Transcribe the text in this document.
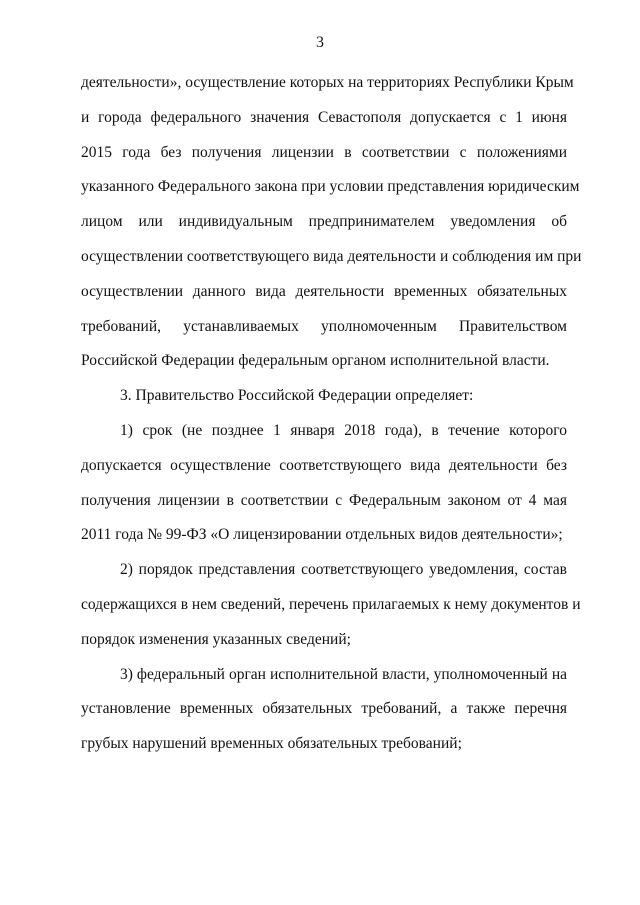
3
деятельности», осуществление которых на территориях Республики Крым
и города федерального значения Севастополя допускается с 1 июня
2015 года без получения лицензии в соответствии с положениями
указанного Федерального закона при условии представления юридическим
лицом или индивидуальным предпринимателем уведомления об
осуществлении соответствующего вида деятельности и соблюдения им при
осуществлении данного вида деятельности временных обязательных
требований, устанавливаемых уполномоченным Правительством
Российской Федерации федеральным органом исполнительной власти.
3. Правительство Российской Федерации определяет:
1) срок (не позднее 1 января 2018 года), в течение которого
допускается осуществление соответствующего вида деятельности без
получения лицензии в соответствии с Федеральным законом от 4 мая
2011 года № 99-ФЗ «О лицензировании отдельных видов деятельности»;
2) порядок представления соответствующего уведомления, состав
содержащихся в нем сведений, перечень прилагаемых к нему документов и
порядок изменения указанных сведений;
3) федеральный орган исполнительной власти, уполномоченный на
установление временных обязательных требований, а также перечня
грубых нарушений временных обязательных требований;
